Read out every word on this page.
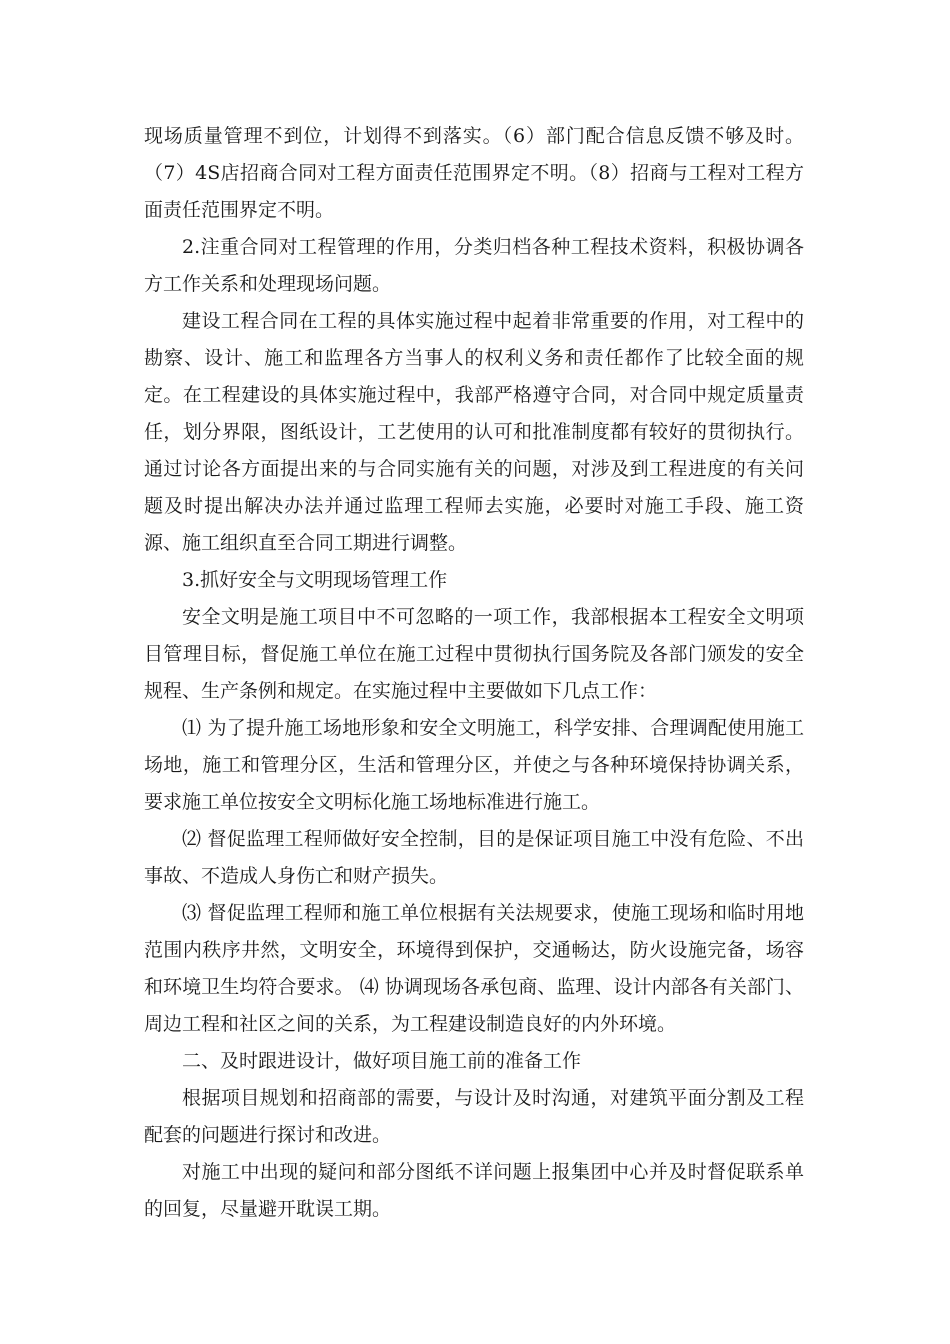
现场质量管理不到位，计划得不到落实。（6）部门配合信息反馈不够及时。（7）4S店招商合同对工程方面责任范围界定不明。（8）招商与工程对工程方面责任范围界定不明。

2.注重合同对工程管理的作用，分类归档各种工程技术资料，积极协调各方工作关系和处理现场问题。

建设工程合同在工程的具体实施过程中起着非常重要的作用，对工程中的勘察、设计、施工和监理各方当事人的权利义务和责任都作了比较全面的规定。在工程建设的具体实施过程中，我部严格遵守合同，对合同中规定质量责任，划分界限，图纸设计，工艺使用的认可和批准制度都有较好的贯彻执行。通过讨论各方面提出来的与合同实施有关的问题，对涉及到工程进度的有关问题及时提出解决办法并通过监理工程师去实施，必要时对施工手段、施工资源、施工组织直至合同工期进行调整。

3.抓好安全与文明现场管理工作

安全文明是施工项目中不可忽略的一项工作，我部根据本工程安全文明项目管理目标，督促施工单位在施工过程中贯彻执行国务院及各部门颁发的安全规程、生产条例和规定。在实施过程中主要做如下几点工作：

⑴ 为了提升施工场地形象和安全文明施工，科学安排、合理调配使用施工场地，施工和管理分区，生活和管理分区，并使之与各种环境保持协调关系，要求施工单位按安全文明标化施工场地标准进行施工。

⑵ 督促监理工程师做好安全控制，目的是保证项目施工中没有危险、不出事故、不造成人身伤亡和财产损失。

⑶ 督促监理工程师和施工单位根据有关法规要求，使施工现场和临时用地范围内秩序井然，文明安全，环境得到保护，交通畅达，防火设施完备，场容和环境卫生均符合要求。 ⑷ 协调现场各承包商、监理、设计内部各有关部门、周边工程和社区之间的关系，为工程建设制造良好的内外环境。

二、及时跟进设计，做好项目施工前的准备工作

根据项目规划和招商部的需要，与设计及时沟通，对建筑平面分割及工程配套的问题进行探讨和改进。

对施工中出现的疑问和部分图纸不详问题上报集团中心并及时督促联系单的回复，尽量避开耽误工期。
